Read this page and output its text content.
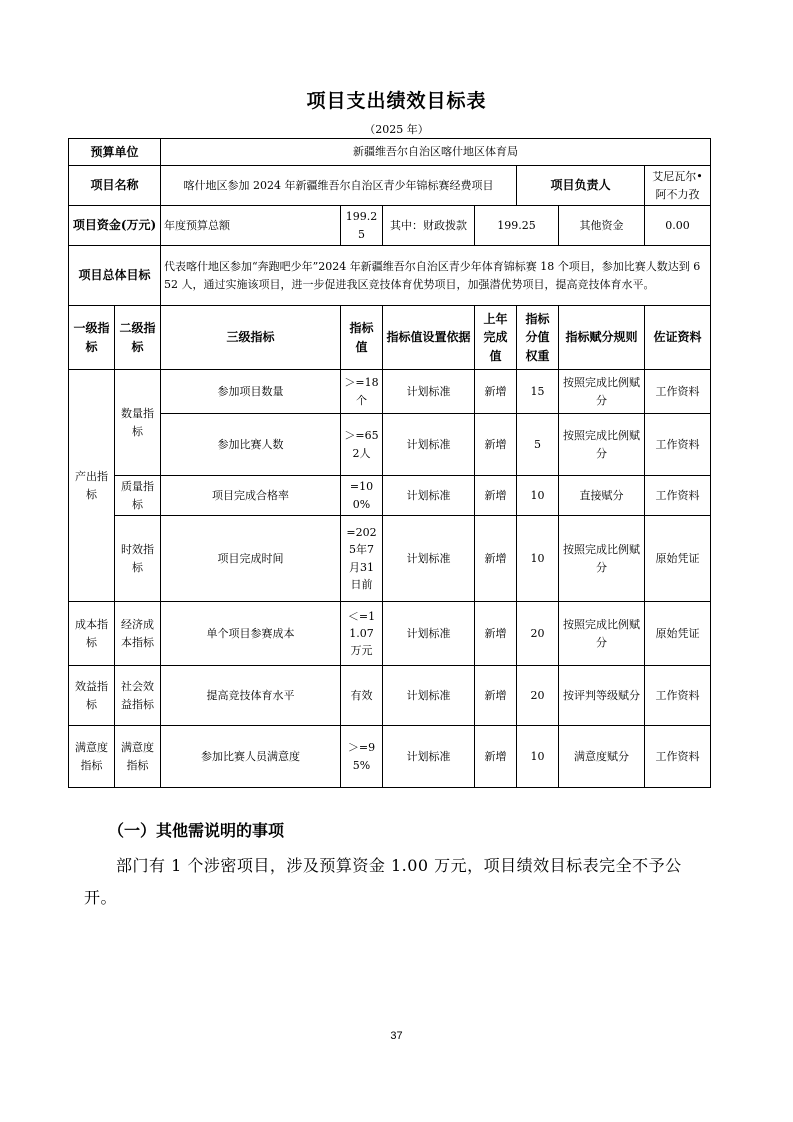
项目支出绩效目标表
（2025 年）
预算单位		新疆维吾尔自治区喀什地区体育局						
项目名称		喀什地区参加 2024 年新疆维吾尔自治区青少年锦标赛经费项目				项目负责人		艾尼瓦尔•阿不力孜
项目资金(万元)		年度预算总额	199.25	其中：财政拨款	199.25		其他资金	0.00
项目总体目标		代表喀什地区参加“奔跑吧少年”2024 年新疆维吾尔自治区青少年体育锦标赛 18 个项目，参加比赛人数达到 652 人，通过实施该项目，进一步促进我区竞技体育优势项目，加强潜优势项目，提高竞技体育水平。						
一级指标	二级指标	三级指标	指标值	指标值设置依据	上年完成值	指标分值权重	指标赋分规则	佐证资料
产出指标	数量指标	参加项目数量	＞=18个	计划标准	新增	15	按照完成比例赋分	工作资料
		参加比赛人数	＞=652人	计划标准	新增	5	按照完成比例赋分	工作资料
	质量指标	项目完成合格率	=100%	计划标准	新增	10	直接赋分	工作资料
	时效指标	项目完成时间	=2025年7月31日前	计划标准	新增	10	按照完成比例赋分	原始凭证
成本指标	经济成本指标	单个项目参赛成本	＜=11.07万元	计划标准	新增	20	按照完成比例赋分	原始凭证
效益指标	社会效益指标	提高竞技体育水平	有效	计划标准	新增	20	按评判等级赋分	工作资料
满意度指标	满意度指标	参加比赛人员满意度	＞=95%	计划标准	新增	10	满意度赋分	工作资料
（一）其他需说明的事项
部门有 1 个涉密项目，涉及预算资金 1.00 万元，项目绩效目标表完全不予公开。
37
